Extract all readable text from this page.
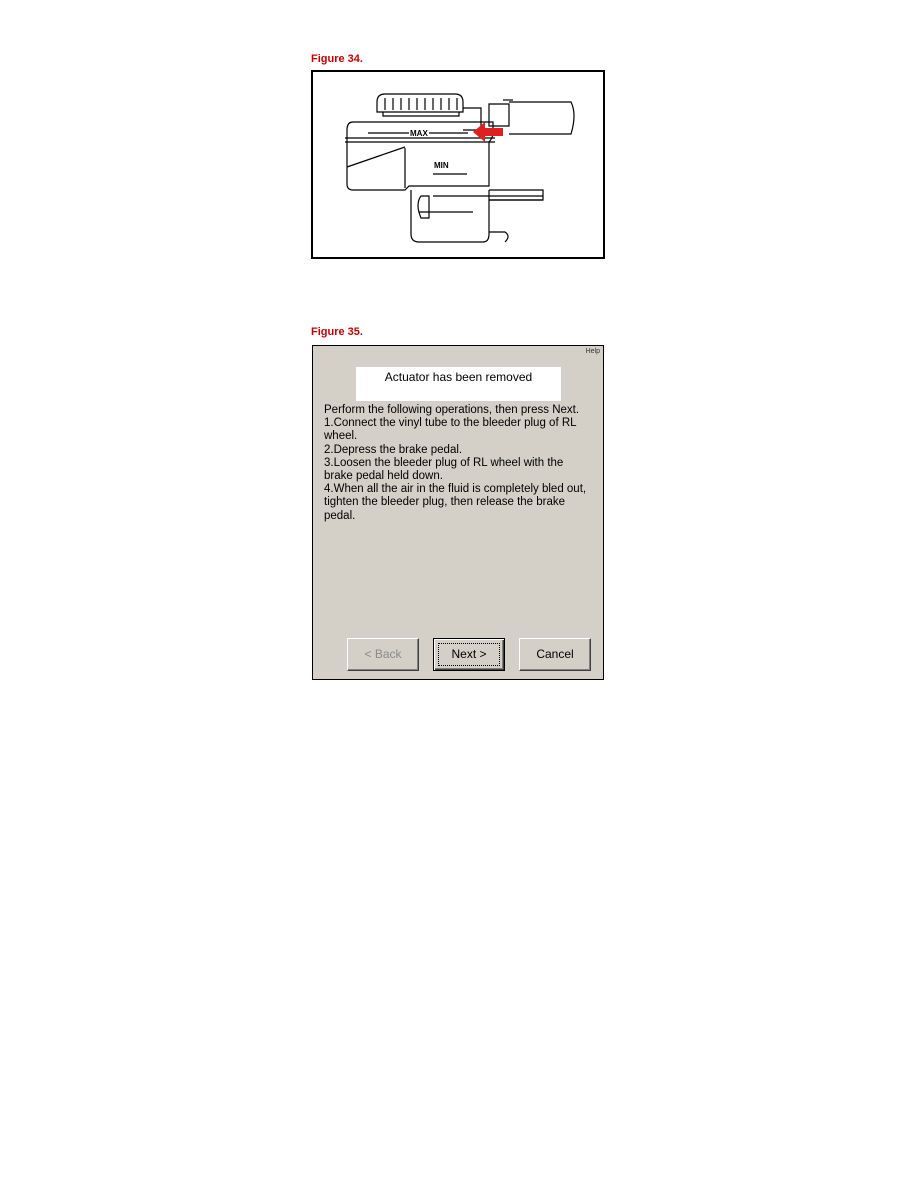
Figure 34.
MAX
MIN
Figure 35.
Help
Actuator has been removed
Perform the following operations, then press Next.
1.Connect the vinyl tube to the bleeder plug of RL
wheel.
2.Depress the brake pedal.
3.Loosen the bleeder plug of RL wheel with the
brake pedal held down.
4.When all the air in the fluid is completely bled out,
tighten the bleeder plug, then release the brake
pedal.
< Back	Next >	Cancel
